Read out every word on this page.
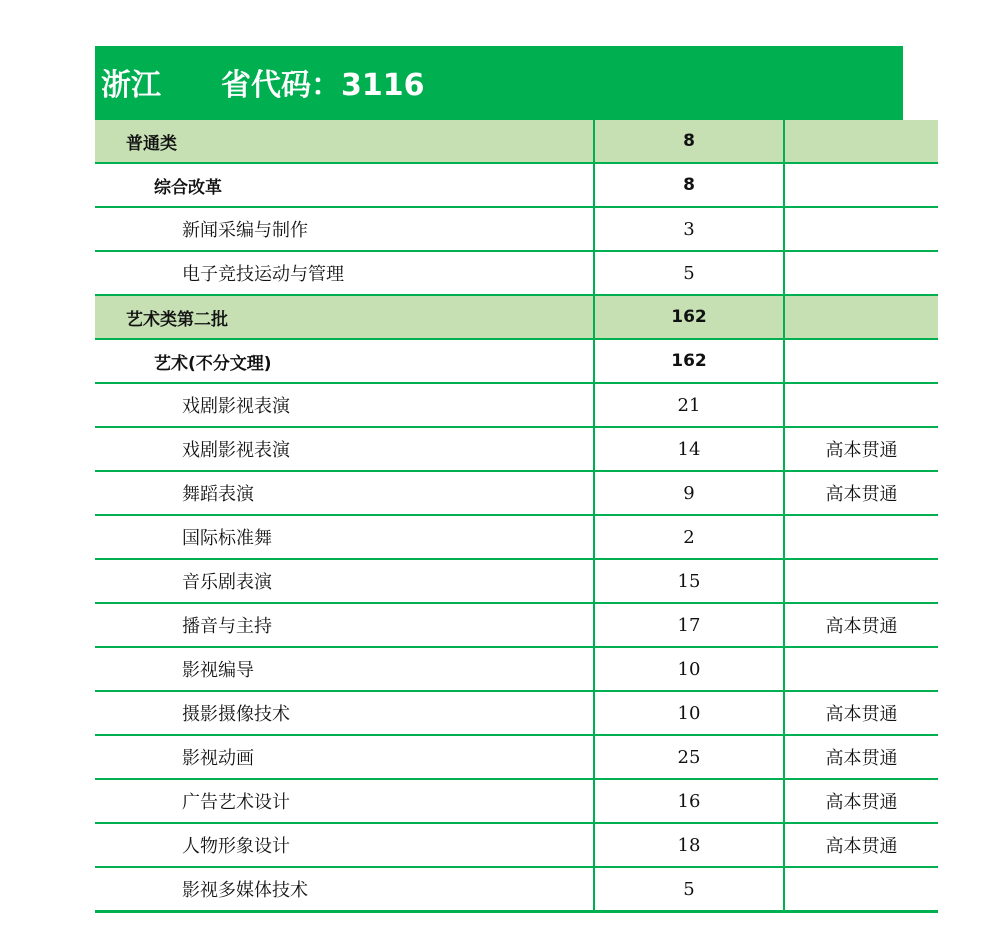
浙江	省代码：3116
普通类	8	
综合改革	8	
新闻采编与制作	3	
电子竞技运动与管理	5	
艺术类第二批	162	
艺术(不分文理)	162	
戏剧影视表演	21	
戏剧影视表演	14	高本贯通
舞蹈表演	9	高本贯通
国际标准舞	2	
音乐剧表演	15	
播音与主持	17	高本贯通
影视编导	10	
摄影摄像技术	10	高本贯通
影视动画	25	高本贯通
广告艺术设计	16	高本贯通
人物形象设计	18	高本贯通
影视多媒体技术	5	
